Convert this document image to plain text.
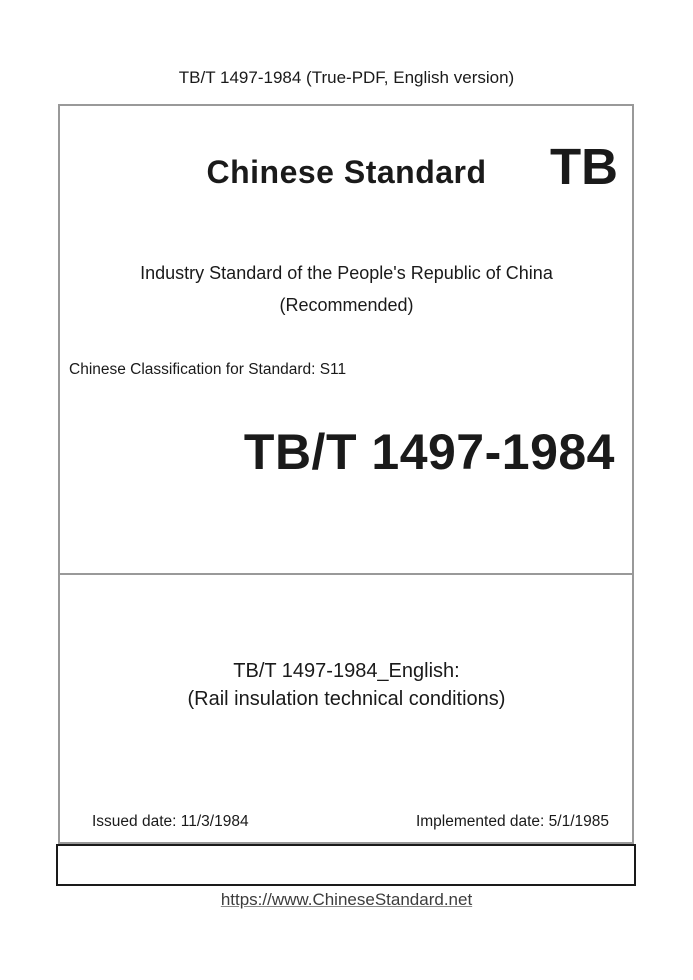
TB/T 1497-1984 (True-PDF, English version)
Chinese Standard	TB
Industry Standard of the People's Republic of China
(Recommended)
Chinese Classification for Standard: S11
TB/T 1497-1984
TB/T 1497-1984_English:
(Rail insulation technical conditions)
Issued date: 11/3/1984	Implemented date: 5/1/1985
https://www.ChineseStandard.net
